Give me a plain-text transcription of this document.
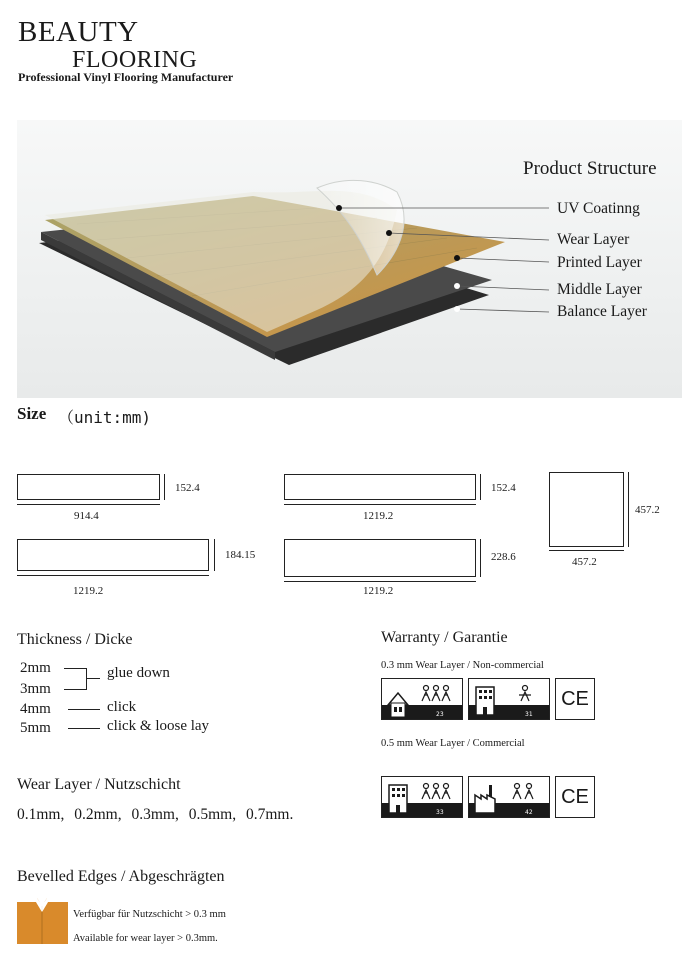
BEAUTY
FLOORING
Professional Vinyl Flooring Manufacturer
Product Structure
UV Coatinng
Wear Layer
Printed Layer
Middle Layer
Balance Layer
Size （unit:mm)
152.4
914.4
152.4
1219.2	457.2
457.2
184.15
1219.2
228.6
1219.2
Thickness / Dicke
2mm
3mm
4mm
5mm
glue down
click
click & loose lay
Wear Layer / Nutzschicht
0.1mm, 0.2mm, 0.3mm, 0.5mm, 0.7mm.
Warranty / Garantie
0.3 mm Wear Layer / Non-commercial
23	31
CE
0.5 mm Wear Layer / Commercial
33	42
CE
Bevelled Edges / Abgeschrägten
Verfügbar für Nutzschicht > 0.3 mm
Available for wear layer > 0.3mm.
